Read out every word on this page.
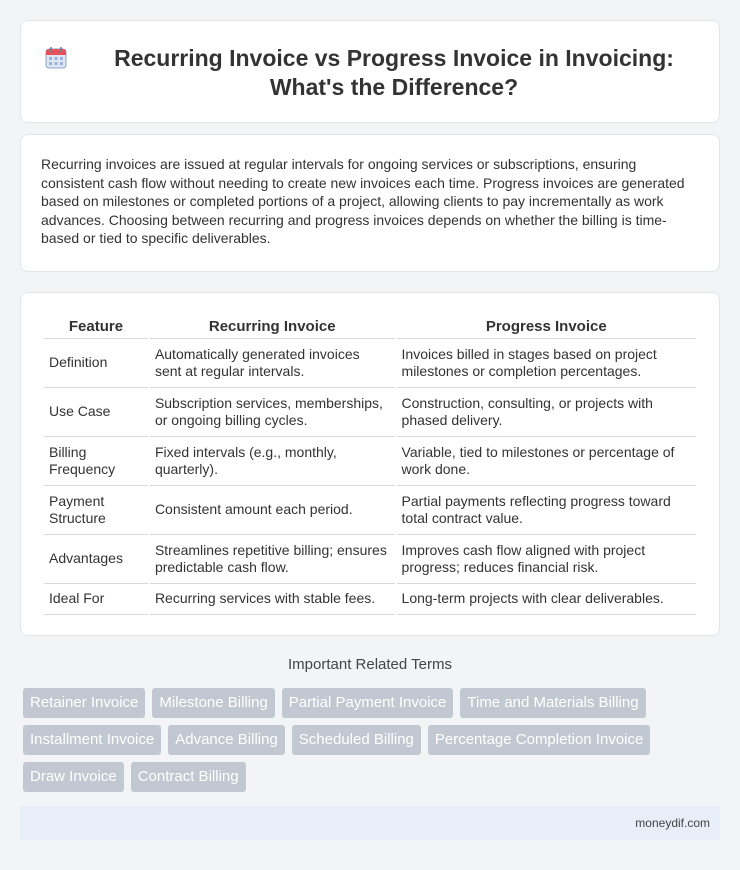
Recurring Invoice vs Progress Invoice in Invoicing: What's the Difference?

Recurring invoices are issued at regular intervals for ongoing services or subscriptions, ensuring consistent cash flow without needing to create new invoices each time. Progress invoices are generated based on milestones or completed portions of a project, allowing clients to pay incrementally as work advances. Choosing between recurring and progress invoices depends on whether the billing is time-based or tied to specific deliverables.

Feature	Recurring Invoice	Progress Invoice
Definition	Automatically generated invoices sent at regular intervals.	Invoices billed in stages based on project milestones or completion percentages.
Use Case	Subscription services, memberships, or ongoing billing cycles.	Construction, consulting, or projects with phased delivery.
Billing Frequency	Fixed intervals (e.g., monthly, quarterly).	Variable, tied to milestones or percentage of work done.
Payment Structure	Consistent amount each period.	Partial payments reflecting progress toward total contract value.
Advantages	Streamlines repetitive billing; ensures predictable cash flow.	Improves cash flow aligned with project progress; reduces financial risk.
Ideal For	Recurring services with stable fees.	Long-term projects with clear deliverables.
Important Related Terms
Retainer Invoice	Milestone Billing	Partial Payment Invoice	Time and Materials Billing
Installment Invoice	Advance Billing	Scheduled Billing	Percentage Completion Invoice
Draw Invoice	Contract Billing
moneydif.com
